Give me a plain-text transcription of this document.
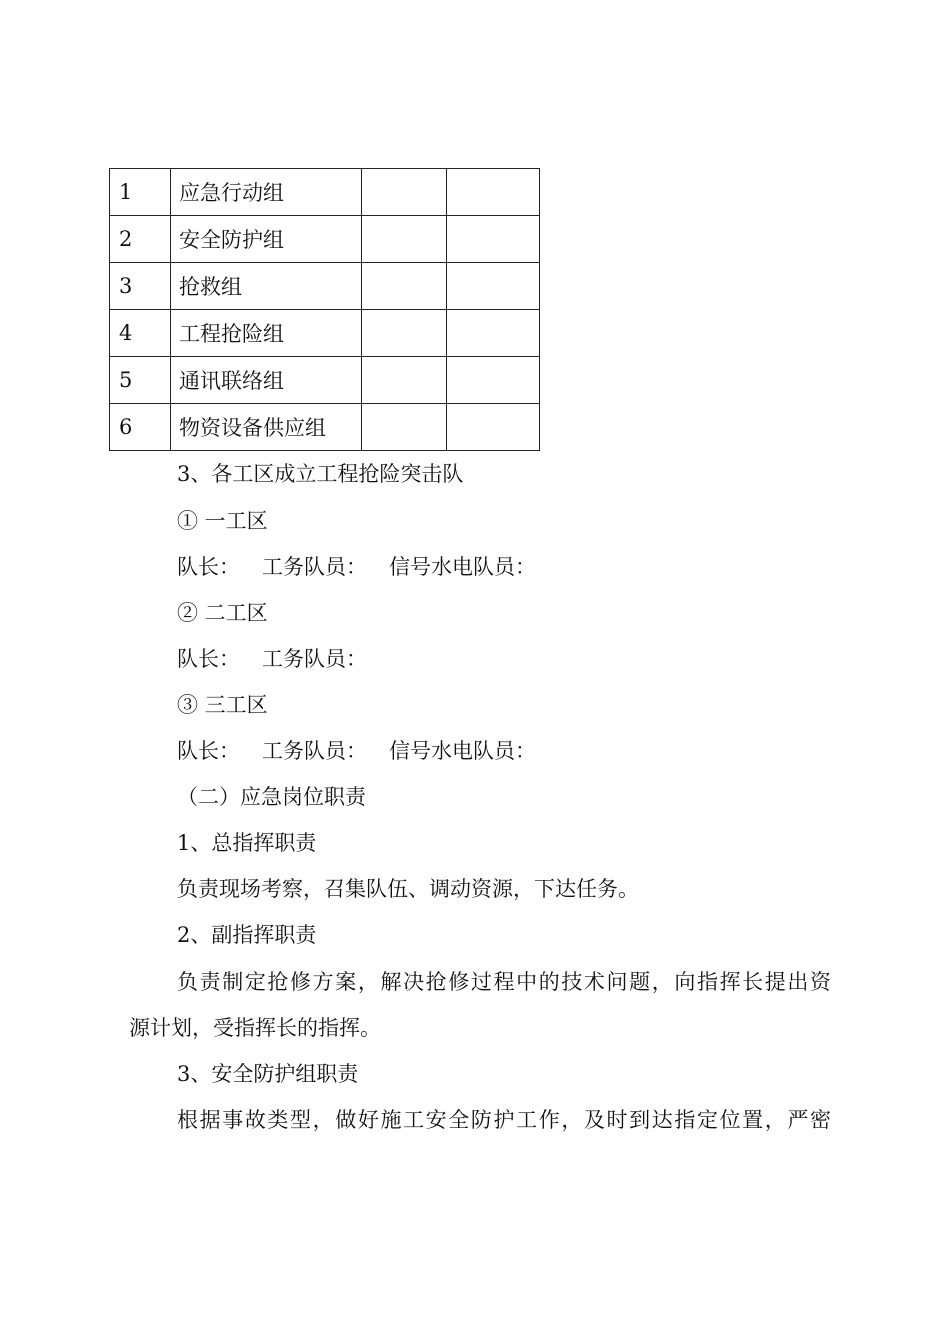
1	应急行动组		
2	安全防护组		
3	抢救组		
4	工程抢险组		
5	通讯联络组		
6	物资设备供应组		
3、各工区成立工程抢险突击队
① 一工区
队长： 工务队员： 信号水电队员：
② 二工区
队长： 工务队员：
③ 三工区
队长： 工务队员： 信号水电队员：
（二）应急岗位职责
1、总指挥职责
负责现场考察，召集队伍、调动资源，下达任务。
2、副指挥职责
负责制定抢修方案，解决抢修过程中的技术问题，向指挥长提出资
源计划，受指挥长的指挥。
3、安全防护组职责
根据事故类型，做好施工安全防护工作，及时到达指定位置，严密
